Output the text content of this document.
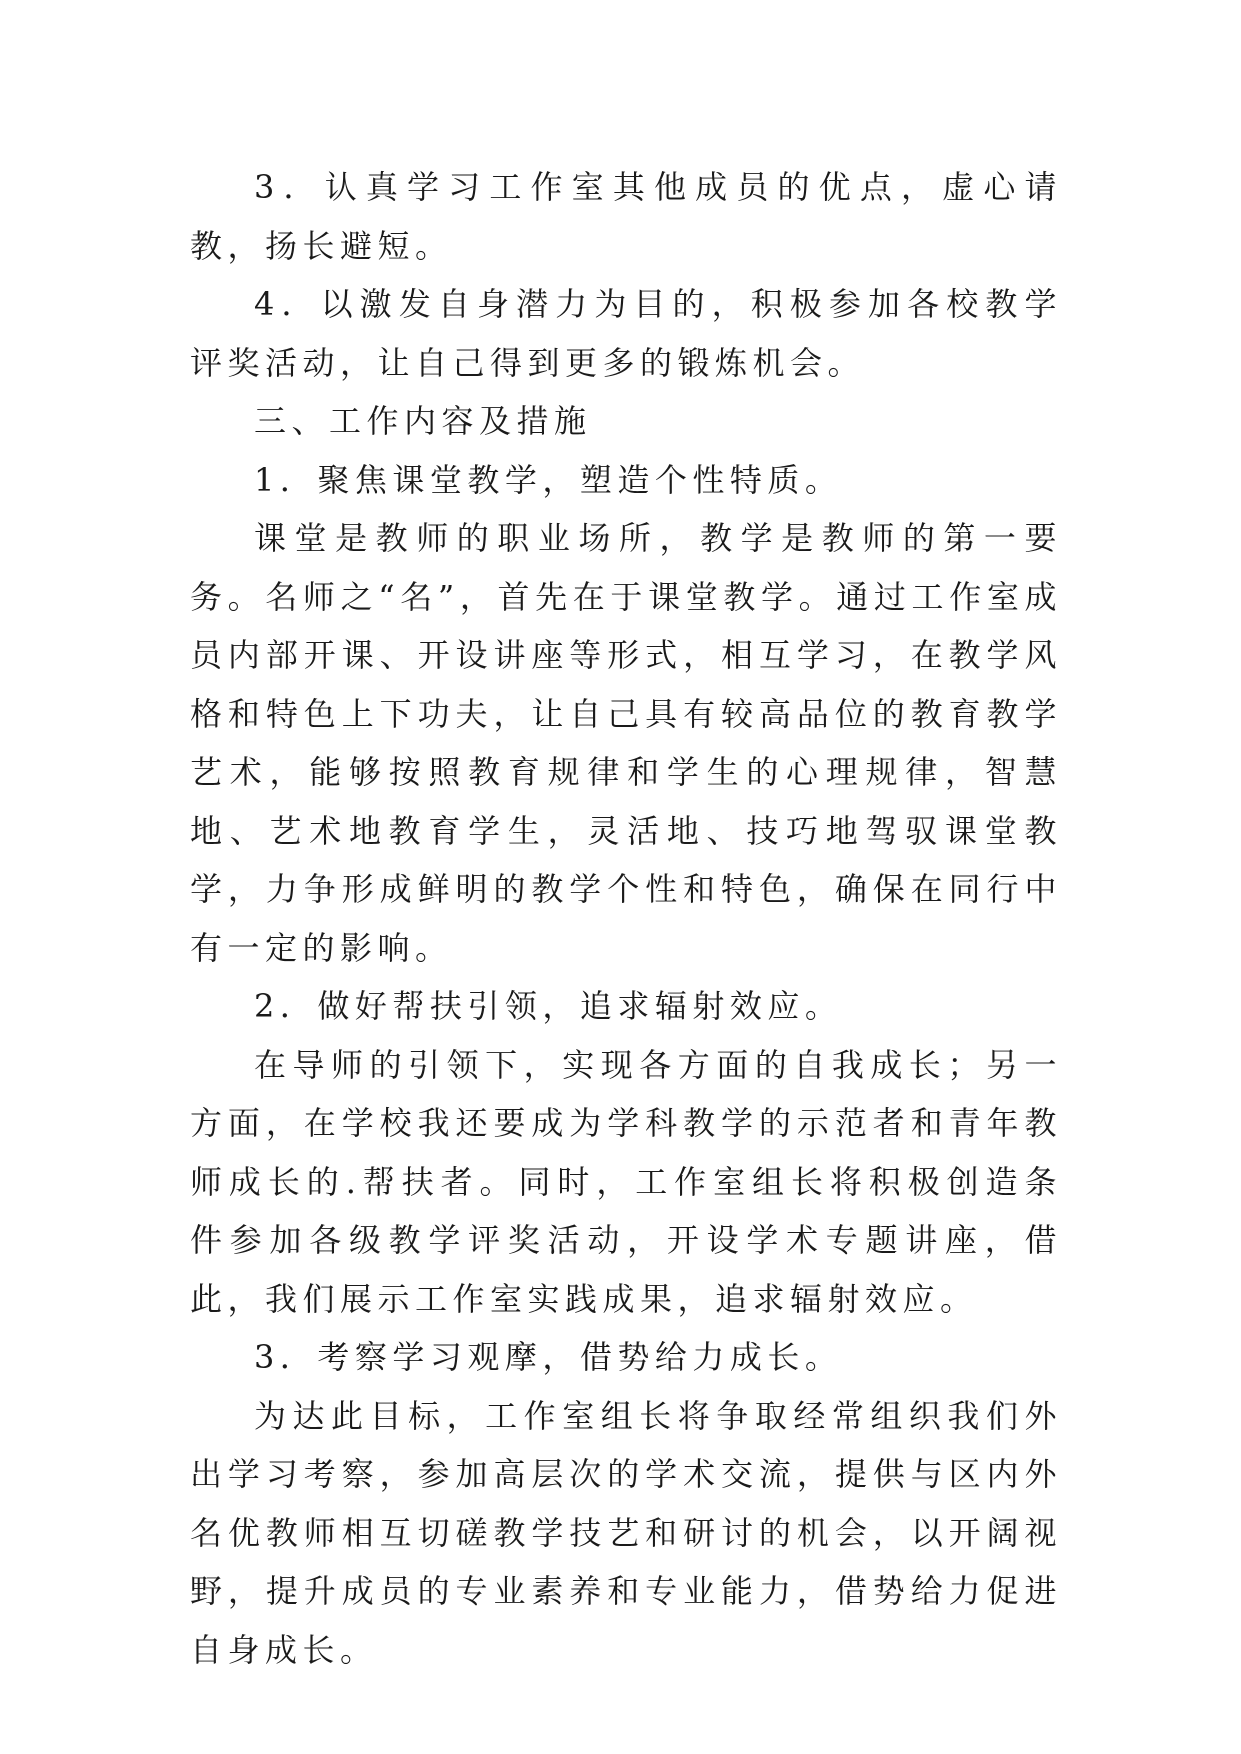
3．认真学习工作室其他成员的优点，虚心请教，扬长避短。

4．以激发自身潜力为目的，积极参加各校教学评奖活动，让自己得到更多的锻炼机会。

三、工作内容及措施

1．聚焦课堂教学，塑造个性特质。

课堂是教师的职业场所，教学是教师的第一要务。名师之“名”，首先在于课堂教学。通过工作室成员内部开课、开设讲座等形式，相互学习，在教学风格和特色上下功夫，让自己具有较高品位的教育教学艺术，能够按照教育规律和学生的心理规律，智慧地、艺术地教育学生，灵活地、技巧地驾驭课堂教学，力争形成鲜明的教学个性和特色，确保在同行中有一定的影响。

2．做好帮扶引领，追求辐射效应。

在导师的引领下，实现各方面的自我成长；另一方面，在学校我还要成为学科教学的示范者和青年教师成长的.帮扶者。同时，工作室组长将积极创造条件参加各级教学评奖活动，开设学术专题讲座，借此，我们展示工作室实践成果，追求辐射效应。

3．考察学习观摩，借势给力成长。

为达此目标，工作室组长将争取经常组织我们外出学习考察，参加高层次的学术交流，提供与区内外名优教师相互切磋教学技艺和研讨的机会，以开阔视野，提升成员的专业素养和专业能力，借势给力促进自身成长。
